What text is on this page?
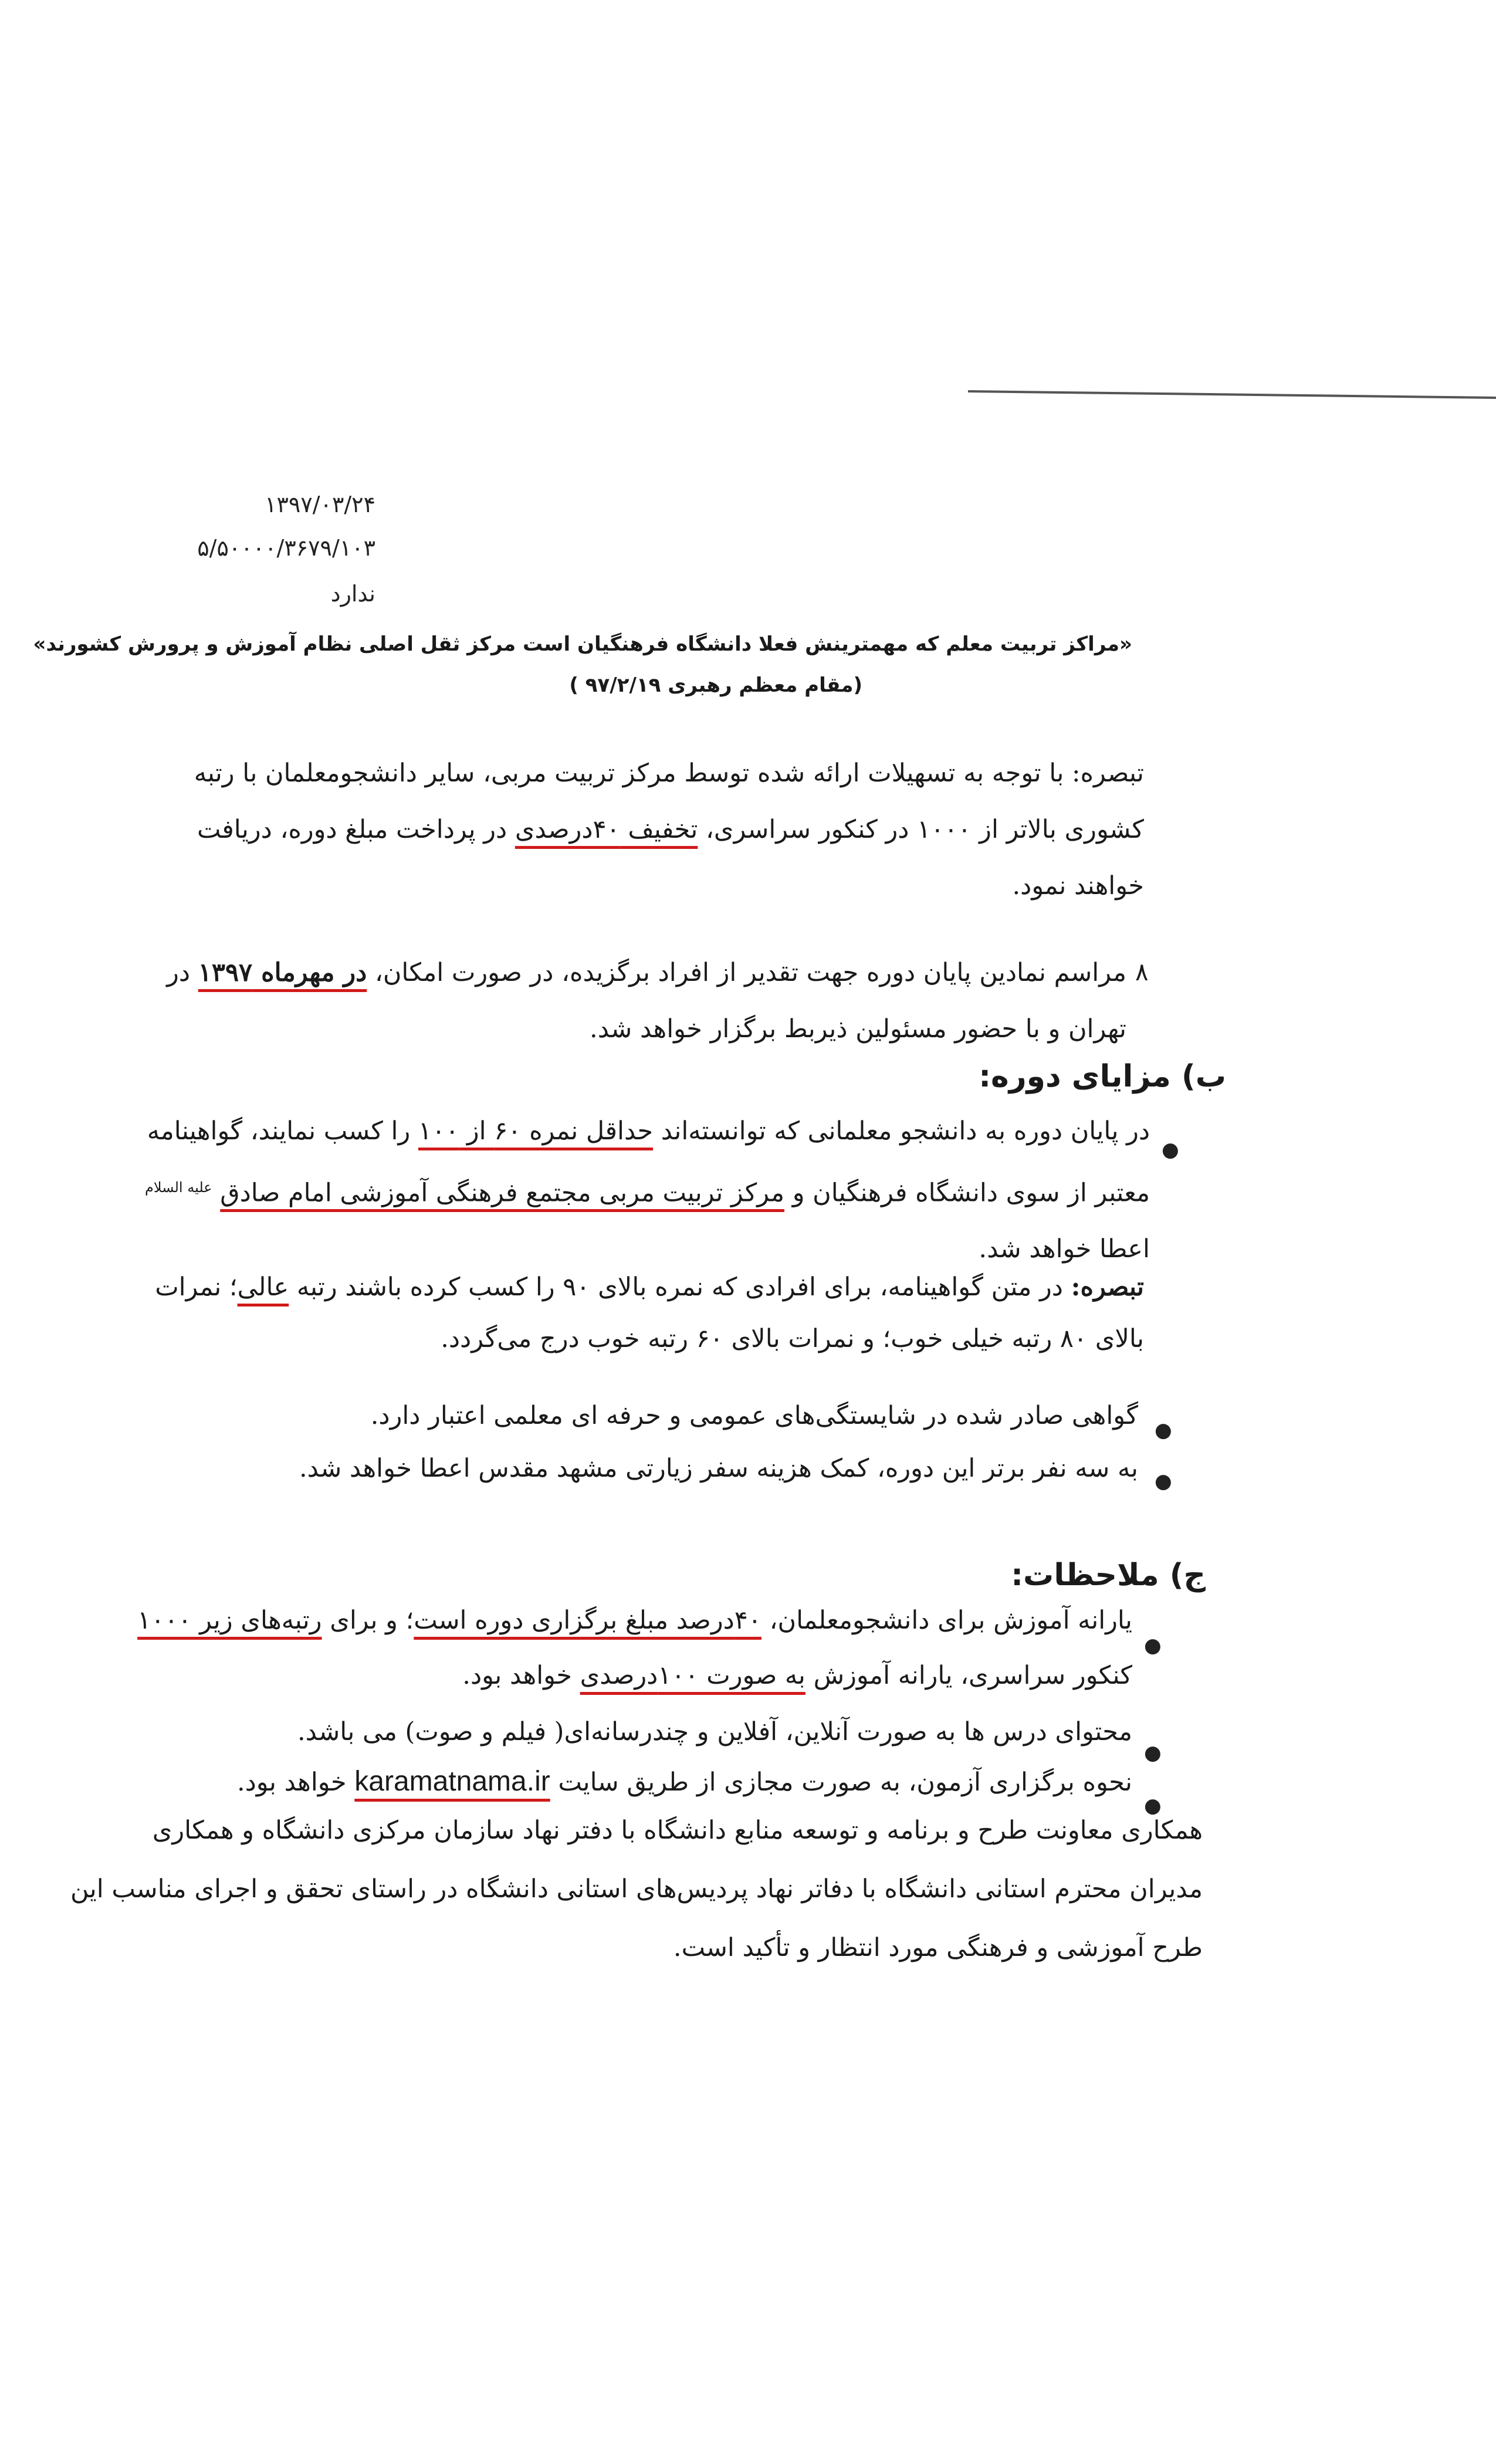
۱۳۹۷/۰۳/۲۴
۵/۵۰۰۰۰/۳۶۷۹/۱۰۳
ندارد
«مراکز تربیت معلم که مهمترینش فعلا دانشگاه فرهنگیان است مرکز ثقل اصلی نظام آموزش و پرورش کشورند»
(مقام معظم رهبری ۹۷/۲/۱۹ )
تبصره: با توجه به تسهیلات ارائه شده توسط مرکز تربیت مربی، سایر دانشجومعلمان با رتبه
کشوری بالاتر از ۱۰۰۰ در کنکور سراسری، تخفیف ۴۰درصدی در پرداخت مبلغ دوره، دریافت
خواهند نمود.
۸
مراسم نمادین پایان دوره جهت تقدیر از افراد برگزیده، در صورت امکان، در مهرماه ۱۳۹۷ در
تهران و با حضور مسئولین ذیربط برگزار خواهد شد.
ب) مزایای دوره:
●
در پایان دوره به دانشجو معلمانی که توانسته‌اند حداقل نمره ۶۰ از ۱۰۰ را کسب نمایند، گواهینامه
معتبر از سوی دانشگاه فرهنگیان و مرکز تربیت مربی مجتمع فرهنگی آموزشی امام صادق $^{علیه السلام}$
اعطا خواهد شد.
تبصره: در متن گواهینامه، برای افرادی که نمره بالای ۹۰ را کسب کرده باشند رتبه عالی؛ نمرات
بالای ۸۰ رتبه خیلی خوب؛ و نمرات بالای ۶۰ رتبه خوب درج می‌گردد.
●
گواهی صادر شده در شایستگی‌های عمومی و حرفه ای معلمی اعتبار دارد.
●
به سه نفر برتر این دوره، کمک هزینه سفر زیارتی مشهد مقدس اعطا خواهد شد.
ج) ملاحظات:
●
یارانه آموزش برای دانشجومعلمان، ۴۰درصد مبلغ برگزاری دوره است؛ و برای رتبه‌های زیر ۱۰۰۰
کنکور سراسری، یارانه آموزش به صورت ۱۰۰درصدی خواهد بود.
●
محتوای درس ها به صورت آنلاین، آفلاین و چندرسانه‌ای( فیلم و صوت) می باشد.
●
نحوه برگزاری آزمون، به صورت مجازی از طریق سایت karamatnama.ir خواهد بود.
همکاری معاونت طرح و برنامه و توسعه منابع دانشگاه با دفتر نهاد سازمان مرکزی دانشگاه و همکاری
مدیران محترم استانی دانشگاه با دفاتر نهاد پردیس‌های استانی دانشگاه در راستای تحقق و اجرای مناسب این
طرح آموزشی و فرهنگی مورد انتظار و تأکید است.
